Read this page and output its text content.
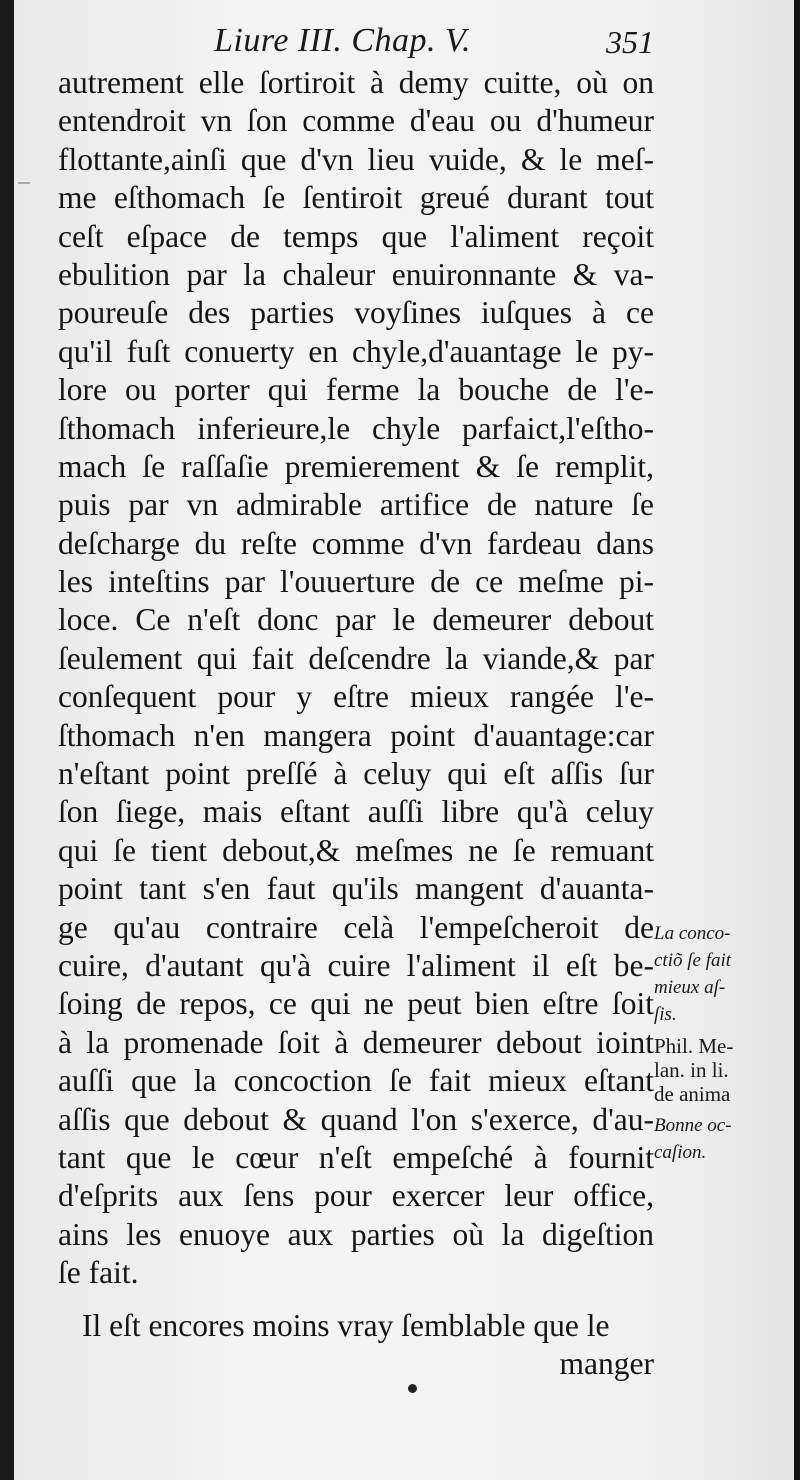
Liure III. Chap. V.	351
autrement elle ſortiroit à demy cuitte, où on
entendroit vn ſon comme d'eau ou d'humeur
flottante,ainſi que d'vn lieu vuide, & le meſ-
me eſthomach ſe ſentiroit greué durant tout
ceſt eſpace de temps que l'aliment reçoit
ebulition par la chaleur enuironnante & va-
poureuſe des parties voyſines iuſques à ce
qu'il fuſt conuerty en chyle,d'auantage le py-
lore ou porter qui ferme la bouche de l'e-
ſthomach inferieure,le chyle parfaict,l'eſtho-
mach ſe raſſaſie premierement & ſe remplit,
puis par vn admirable artifice de nature ſe
deſcharge du reſte comme d'vn fardeau dans
les inteſtins par l'ouuerture de ce meſme pi-
loce. Ce n'eſt donc par le demeurer debout
ſeulement qui fait deſcendre la viande,& par
conſequent pour y eſtre mieux rangée l'e-
ſthomach n'en mangera point d'auantage:car
n'eſtant point preſſé à celuy qui eſt aſſis ſur
ſon ſiege, mais eſtant auſſi libre qu'à celuy
qui ſe tient debout,& meſmes ne ſe remuant
point tant s'en faut qu'ils mangent d'auanta-
ge qu'au contraire celà l'empeſcheroit de
cuire, d'autant qu'à cuire l'aliment il eſt be-
ſoing de repos, ce qui ne peut bien eſtre ſoit
à la promenade ſoit à demeurer debout ioint
auſſi que la concoction ſe fait mieux eſtant
aſſis que debout & quand l'on s'exerce, d'au-
tant que le cœur n'eſt empeſché à fournit
d'eſprits aux ſens pour exercer leur office,
ains les enuoye aux parties où la digeſtion
ſe fait.
Il eſt encores moins vray ſemblable que le
manger
La conco-
ctiõ ſe fait
mieux aſ-
ſis.
Phil. Me-
lan. in li.
de anima
Bonne oc-
caſion.
